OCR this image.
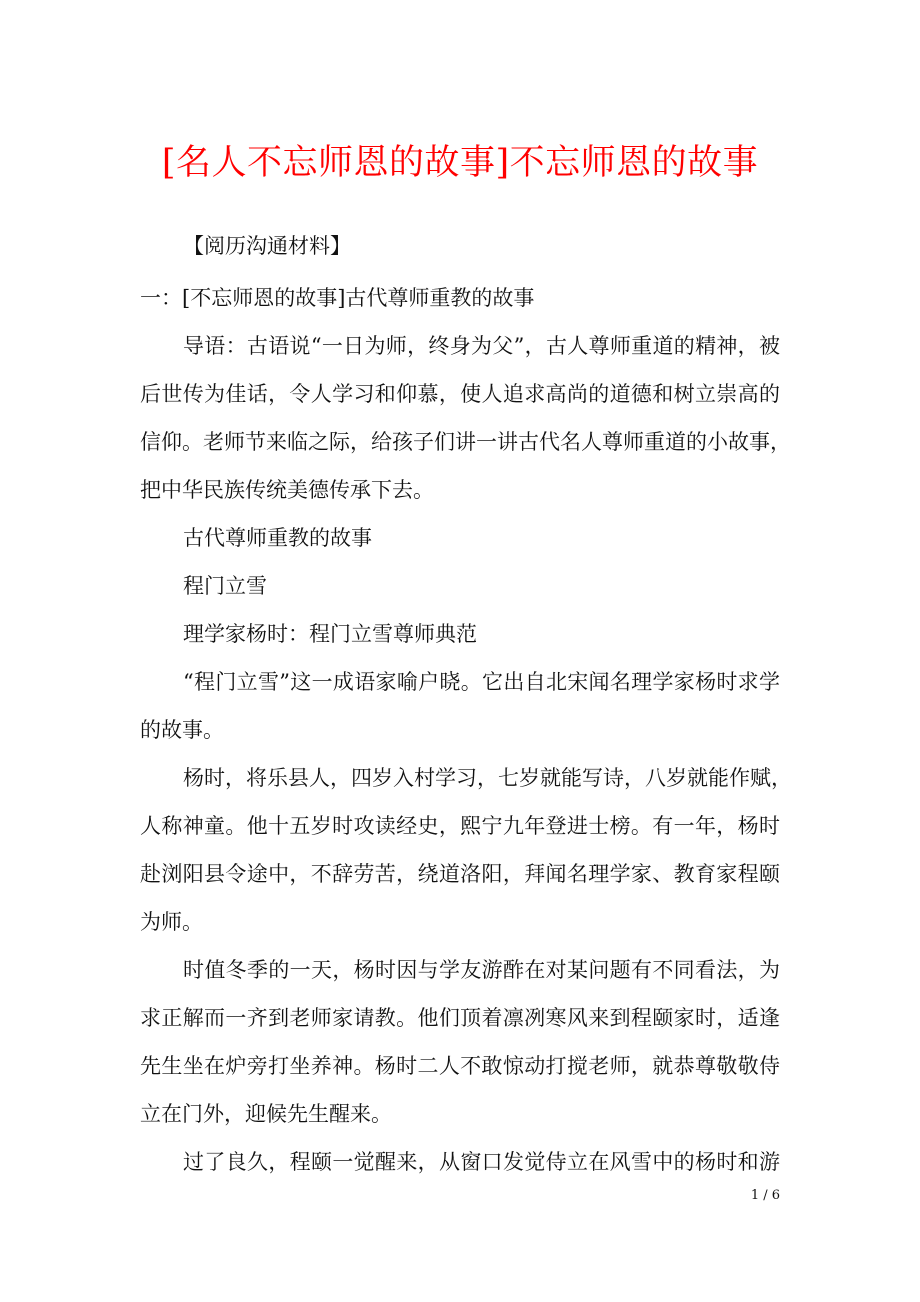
[名人不忘师恩的故事]不忘师恩的故事
【阅历沟通材料】
一：[不忘师恩的故事]古代尊师重教的故事
导语：古语说“一日为师，终身为父”，古人尊师重道的精神，被
后世传为佳话，令人学习和仰慕，使人追求高尚的道德和树立崇高的
信仰。老师节来临之际，给孩子们讲一讲古代名人尊师重道的小故事，
把中华民族传统美德传承下去。
古代尊师重教的故事
程门立雪
理学家杨时：程门立雪尊师典范
“程门立雪”这一成语家喻户晓。它出自北宋闻名理学家杨时求学
的故事。
杨时，将乐县人，四岁入村学习，七岁就能写诗，八岁就能作赋，
人称神童。他十五岁时攻读经史，熙宁九年登进士榜。有一年，杨时
赴浏阳县令途中，不辞劳苦，绕道洛阳，拜闻名理学家、教育家程颐
为师。
时值冬季的一天，杨时因与学友游酢在对某问题有不同看法，为
求正解而一齐到老师家请教。他们顶着凛冽寒风来到程颐家时，适逢
先生坐在炉旁打坐养神。杨时二人不敢惊动打搅老师，就恭尊敬敬侍
立在门外，迎候先生醒来。
过了良久，程颐一觉醒来，从窗口发觉侍立在风雪中的杨时和游
1 / 6
